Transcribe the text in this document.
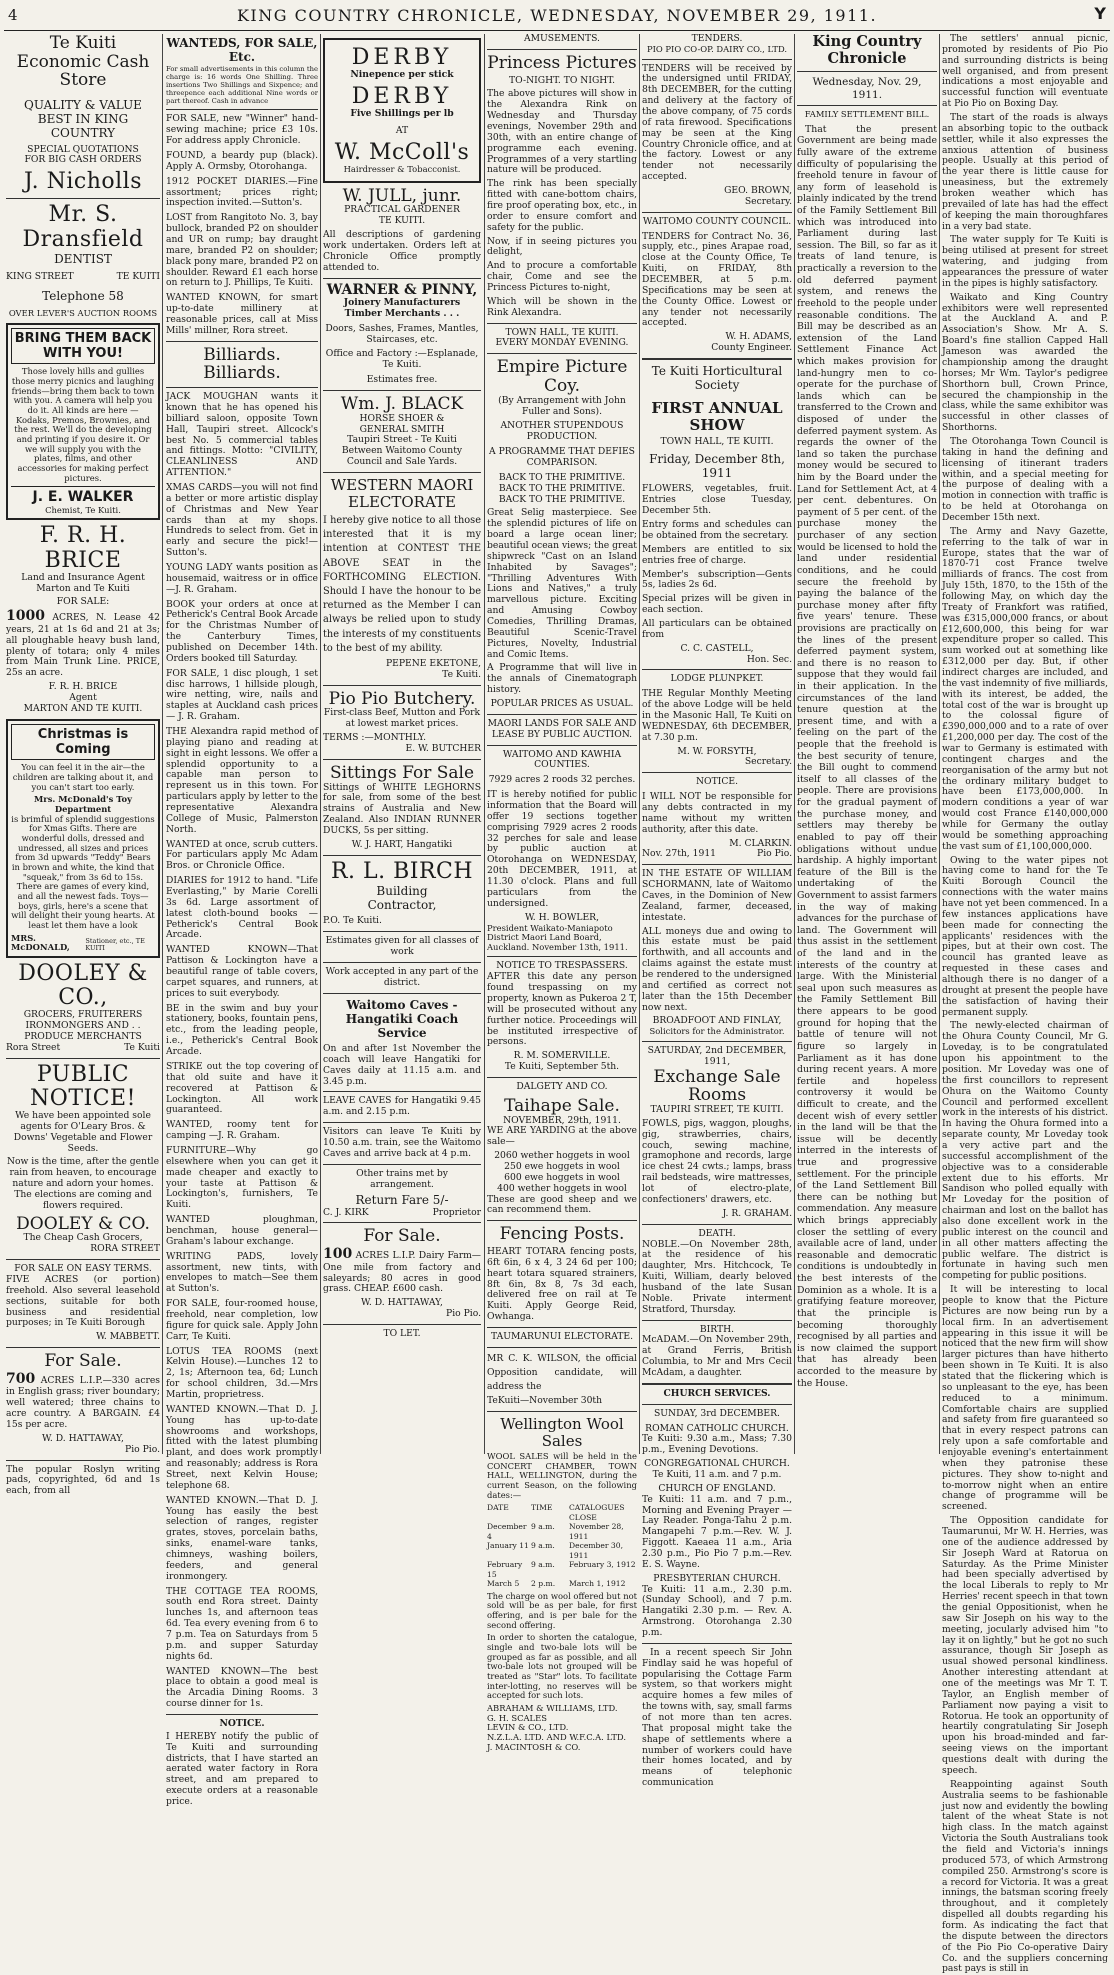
4	KING COUNTRY CHRONICLE, WEDNESDAY, NOVEMBER 29, 1911.	Y
Te Kuiti
Economic Cash Store
QUALITY & VALUE
BEST IN KING COUNTRY
SPECIAL QUOTATIONS
FOR BIG CASH ORDERS
J. Nicholls
Mr. S. Dransfield
DENTIST
KING STREET	TE KUITI
Telephone 58
OVER LEVER'S AUCTION ROOMS
BRING THEM BACK WITH YOU!

Those lovely hills and gullies those merry picnics and laughing friends—bring them back to town with you. A camera will help you do it. All kinds are here — Kodaks, Premos, Brownies, and the rest. We'll do the developing and printing if you desire it. Or we will supply you with the plates, films, and other accessories for making perfect pictures.

J. E. WALKER
Chemist, Te Kuiti.
F. R. H. BRICE
Land and Insurance Agent
Marton and Te Kuiti
FOR SALE:

1000 ACRES, N. Lease 42 years, 21 at 1s 6d and 21 at 3s; all ploughable heavy bush land, plenty of totara; only 4 miles from Main Trunk Line. PRICE, 25s an acre.

F. R. H. BRICE
Agent
MARTON AND TE KUITI.
Christmas is Coming

You can feel it in the air—the children are talking about it, and you can't start too early.

Mrs. McDonald's Toy Department

is brimful of splendid suggestions for Xmas Gifts. There are wonderful dolls, dressed and undressed, all sizes and prices from 3d upwards "Teddy" Bears in brown and white, the kind that "squeak," from 3s 6d to 15s. There are games of every kind, and all the newest fads. Toys—boys, girls, here's a scene that will delight their young hearts. At least let them have a look

MRS. McDONALD,
Stationer, etc., TE KUITI
DOOLEY & CO.,
GROCERS, FRUITERERS
IRONMONGERS AND . .
PRODUCE MERCHANTS
Rora Street	Te Kuiti
PUBLIC NOTICE!

We have been appointed sole agents for O'Leary Bros. & Downs' Vegetable and Flower Seeds.

Now is the time, after the gentle rain from heaven, to encourage nature and adorn your homes. The elections are coming and flowers required.

DOOLEY & CO.
The Cheap Cash Grocers,
RORA STREET
FOR SALE ON EASY TERMS.

FIVE ACRES (or portion) freehold. Also several leasehold sections, suitable for both business and residential purposes; in Te Kuiti Borough

W. MABBETT.
For Sale.

700 ACRES L.I.P.—330 acres in English grass; river boundary; well watered; three chains to acre country. A BARGAIN. £4 15s per acre.

W. D. HATTAWAY,
Pio Pio.

The popular Roslyn writing pads, copyrighted, 6d and 1s each, from all

WANTEDS, FOR SALE, Etc.

For small advertisements in this column the charge is: 16 words One Shilling. Three insertions Two Shillings and Sixpence; and threepence each additional Nine words or part thereof. Cash in advance

FOR SALE, new "Winner" hand-sewing machine; price £3 10s. For address apply Chronicle.

FOUND, a beardy pup (black). Apply A. Ormsby, Otorohanga.

1912 POCKET DIARIES.—Fine assortment; prices right; inspection invited.—Sutton's.

LOST from Rangitoto No. 3, bay bullock, branded P2 on shoulder and UR on rump; bay draught mare, branded P2 on shoulder; black pony mare, branded P2 on shoulder. Reward £1 each horse on return to J. Phillips, Te Kuiti.

WANTED KNOWN, for smart up-to-date millinery at reasonable prices, call at Miss Mills' millner, Rora street.

Billiards. Billiards.

JACK MOUGHAN wants it known that he has opened his billiard saloon, opposite Town Hall, Taupiri street. Allcock's best No. 5 commercial tables and fittings. Motto: "CIVILITY, CLEANLINESS AND ATTENTION."

XMAS CARDS—you will not find a better or more artistic display of Christmas and New Year cards than at my shops. Hundreds to select from. Get in early and secure the pick!—Sutton's.

YOUNG LADY wants position as housemaid, waitress or in office —J. R. Graham.

BOOK your orders at once at Petherick's Central Book Arcade for the Christmas Number of the Canterbury Times, published on December 14th. Orders booked till Saturday.

FOR SALE, 1 disc plough, 1 set disc harrows, 1 hillside plough, wire netting, wire, nails and staples at Auckland cash prices — J. R. Graham.

THE Alexandra rapid method of playing piano and reading at sight in eight lessons. We offer a splendid opportunity to a capable man person to represent us in this town. For particulars apply by letter to the representative Alexandra College of Music, Palmerston North.

WANTED at once, scrub cutters. For particulars apply Mc Adam Bros. or Chronicle Office.

DIARIES for 1912 to hand. "Life Everlasting," by Marie Corelli 3s 6d. Large assortment of latest cloth-bound books — Petherick's Central Book Arcade.

WANTED KNOWN—That Pattison & Lockington have a beautiful range of table covers, carpet squares, and runners, at prices to suit everybody.

BE in the swim and buy your stationery, books, fountain pens, etc., from the leading people, i.e., Petherick's Central Book Arcade.

STRIKE out the top covering of that old suite and have it recovered at Pattison & Lockington. All work guaranteed.

WANTED, roomy tent for camping —J. R. Graham.

FURNITURE—Why go elsewhere when you can get it made cheaper and exactly to your taste at Pattison & Lockington's, furnishers, Te Kuiti.

WANTED ploughman, benchman, house general—Graham's labour exchange.

WRITING PADS, lovely assortment, new tints, with envelopes to match—See them at Sutton's.

FOR SALE, four-roomed house, freehold, near completion, low figure for quick sale. Apply John Carr, Te Kuiti.

LOTUS TEA ROOMS (next Kelvin House).—Lunches 12 to 2, 1s; Afternoon tea, 6d; Lunch for school children, 3d.—Mrs Martin, proprietress.

WANTED KNOWN.—That D. J. Young has up-to-date showrooms and workshops, fitted with the latest plumbing plant, and does work promptly and reasonably; address is Rora Street, next Kelvin House; telephone 68.

WANTED KNOWN.—That D. J. Young has easily the best selection of ranges, register grates, stoves, porcelain baths, sinks, enamel-ware tanks, chimneys, washing boilers, feeders, and general ironmongery.

THE COTTAGE TEA ROOMS, south end Rora street. Dainty lunches 1s, and afternoon teas 6d. Tea every evening from 6 to 7 p.m. Tea on Saturdays from 5 p.m. and supper Saturday nights 6d.

WANTED KNOWN—The best place to obtain a good meal is the Arcadia Dining Rooms. 3 course dinner for 1s.

NOTICE.

I HEREBY notify the public of Te Kuiti and surrounding districts, that I have started an aerated water factory in Rora street, and am prepared to execute orders at a reasonable price.

DERBY
Ninepence per stick
DERBY
Five Shillings per lb
AT
W. McColl's
Hairdresser & Tobacconist.
W. JULL, junr.
PRACTICAL GARDENER
TE KUITI.

All descriptions of gardening work undertaken. Orders left at Chronicle Office promptly attended to.

WARNER & PINNY,
Joinery Manufacturers
Timber Merchants . . .
Doors, Sashes, Frames, Mantles, Staircases, etc.
Office and Factory :—Esplanade, Te Kuiti.
Estimates free.
Wm. J. BLACK
HORSE SHOER &
GENERAL SMITH
Taupiri Street - Te Kuiti
Between Waitomo County Council and Sale Yards.
WESTERN MAORI ELECTORATE

I hereby give notice to all those interested that it is my intention at CONTEST THE ABOVE SEAT in the FORTHCOMING ELECTION. Should I have the honour to be returned as the Member I can always be relied upon to study the interests of my constituents to the best of my ability.

PEPENE EKETONE,
Te Kuiti.
Pio Pio Butchery.

First-class Beef, Mutton and Pork at lowest market prices.

TERMS :—MONTHLY.
E. W. BUTCHER
Sittings For Sale

Sittings of WHITE LEGHORNS for sale, from some of the best strains of Australia and New Zealand. Also INDIAN RUNNER DUCKS, 5s per sitting.

W. J. HART, Hangatiki
R. L. BIRCH
Building
Contractor,
P.O. Te Kuiti.
Estimates given for all classes of work
Work accepted in any part of the district.
Waitomo Caves - Hangatiki Coach Service

On and after 1st November the coach will leave Hangatiki for Caves daily at 11.15 a.m. and 3.45 p.m.

LEAVE CAVES for Hangatiki 9.45 a.m. and 2.15 p.m.

Visitors can leave Te Kuiti by 10.50 a.m. train, see the Waitomo Caves and arrive back at 4 p.m.

Other trains met by arrangement.

Return Fare 5/-
C. J. KIRK	Proprietor
For Sale.

100 ACRES L.I.P. Dairy Farm—One mile from factory and saleyards; 80 acres in good grass. CHEAP. £600 cash.

W. D. HATTAWAY,
Pio Pio.
TO LET.
AMUSEMENTS.
Princess Pictures
TO-NIGHT. TO NIGHT.

The above pictures will show in the Alexandra Rink on Wednesday and Thursday evenings, November 29th and 30th, with an entire change of programme each evening. Programmes of a very startling nature will be produced.

The rink has been specially fitted with cane-bottom chairs, fire proof operating box, etc., in order to ensure comfort and safety for the public.

Now, if in seeing pictures you delight,

And to procure a comfortable chair, Come and see the Princess Pictures to-night,

Which will be shown in the Rink Alexandra.

TOWN HALL, TE KUITI.
EVERY MONDAY EVENING.
Empire Picture Coy.
(By Arrangement with John Fuller and Sons).
ANOTHER STUPENDOUS PRODUCTION.
A PROGRAMME THAT DEFIES COMPARISON.
BACK TO THE PRIMITIVE.
BACK TO THE PRIMITIVE.
BACK TO THE PRIMITIVE.

Great Selig masterpiece. See the splendid pictures of life on board a large ocean liner; beautiful ocean views; the great shipwreck "Cast on an Island Inhabited by Savages"; "Thrilling Adventures With Lions and Natives," a truly marvellous picture. Exciting and Amusing Cowboy Comedies, Thrilling Dramas, Beautiful Scenic-Travel Pictures, Novelty, Industrial and Comic Items.

A Programme that will live in the annals of Cinematograph history.

POPULAR PRICES AS USUAL.
MAORI LANDS FOR SALE AND LEASE BY PUBLIC AUCTION.
WAITOMO AND KAWHIA COUNTIES.
7929 acres 2 roods 32 perches.

IT is hereby notified for public information that the Board will offer 19 sections together comprising 7929 acres 2 roods 32 perches for sale and lease by public auction at Otorohanga on WEDNESDAY, 20th DECEMBER, 1911, at 11.30 o'clock. Plans and full particulars from the undersigned.

W. H. BOWLER,

President Waikato-Maniapoto District Maori Land Board, Auckland. November 13th, 1911.

NOTICE TO TRESPASSERS.

AFTER this date any person found trespassing on my property, known as Pukeroa 2 T, will be prosecuted without any further notice. Proceedings will be instituted irrespective of persons.

R. M. SOMERVILLE.
Te Kuiti, September 5th.
DALGETY AND CO.
Taihape Sale.
NOVEMBER, 29th, 1911.

WE ARE YARDING at the above sale—

2060 wether hoggets in wool
250 ewe hoggets in wool
600 ewe hoggets in wool
400 wether hoggets in wool

These are good sheep and we can recommend them.

Fencing Posts.

HEART TOTARA fencing posts, 6ft 6in, 6 x 4, 3 24 6d per 100; heart totara squared strainers, 8ft 6in, 8x 8, 7s 3d each, delivered free on rail at Te Kuiti. Apply George Reid, Owhanga.

TAUMARUNUI ELECTORATE.

MR C. K. WILSON, the official Opposition candidate, will address the

TeKuiti—November 30th
Wellington Wool Sales

WOOL SALES will be held in the CONCERT CHAMBER, TOWN HALL, WELLINGTON, during the current Season, on the following dates:—

DATE	TIME	CATALOGUES CLOSE
December 4
9 a.m.	November 28, 1911
January 11 9 a.m.	December 30, 1911
February 15
9 a.m.	February 3, 1912
March 5	2 p.m.	March 1, 1912

The charge on wool offered but not sold will be as per bale, for first offering, and is per bale for the second offering.

In order to shorten the catalogue, single and two-bale lots will be grouped as far as possible, and all two-bale lots not grouped will be treated as "Star" lots. To facilitate inter-lotting, no reserves will be accepted for such lots.

ABRAHAM & WILLIAMS, LTD.
G. H. SCALES
LEVIN & CO., LTD.
N.Z.L.A. LTD. AND W.F.C.A. LTD.
J. MACINTOSH & CO.
TENDERS.
PIO PIO CO-OP. DAIRY CO., LTD.

TENDERS will be received by the undersigned until FRIDAY, 8th DECEMBER, for the cutting and delivery at the factory of the above company, of 75 cords of rata firewood. Specifications may be seen at the King Country Chronicle office, and at the factory. Lowest or any tender not necessarily accepted.

GEO. BROWN,
Secretary.
WAITOMO COUNTY COUNCIL.

TENDERS for Contract No. 36, supply, etc., pines Arapae road, close at the County Office, Te Kuiti, on FRIDAY, 8th DECEMBER, at 5 p.m. Specifications may be seen at the County Office. Lowest or any tender not necessarily accepted.

W. H. ADAMS,
County Engineer.
Te Kuiti Horticultural
Society
FIRST ANNUAL SHOW
TOWN HALL, TE KUITI.
Friday, December 8th, 1911

FLOWERS, vegetables, fruit. Entries close Tuesday, December 5th.

Entry forms and schedules can be obtained from the secretary.

Members are entitled to six entries free of charge.

Member's subscription—Gents 5s, ladies 2s 6d.

Special prizes will be given in each section.

All particulars can be obtained from

C. C. CASTELL,
Hon. Sec.
LODGE PLUNPKET.

THE Regular Monthly Meeting of the above Lodge will be held in the Masonic Hall, Te Kuiti on WEDNESDAY, 6th DECEMBER, at 7.30 p.m.

M. W. FORSYTH,
Secretary.
NOTICE.

I WILL NOT be responsible for any debts contracted in my name without my written authority, after this date.

M. CLARKIN.
Nov. 27th, 1911	Pio Pio.

IN THE ESTATE OF WILLIAM SCHORMANN, late of Waitomo Caves, in the Dominion of New Zealand, farmer, deceased, intestate.

ALL moneys due and owing to this estate must be paid forthwith, and all accounts and claims against the estate must be rendered to the undersigned and certified as correct not later than the 15th December now next.

BROADFOOT AND FINLAY,
Solicitors for the Administrator.
SATURDAY, 2nd DECEMBER, 1911,
Exchange Sale Rooms
TAUPIRI STREET, TE KUITI.

FOWLS, pigs, waggon, ploughs, gig, strawberries, chairs, couch, sewing machine, gramophone and records, large ice chest 24 cwts.; lamps, brass rail bedsteads, wire mattresses, lot of electro-plate, confectioners' drawers, etc.

J. R. GRAHAM.
DEATH.

NOBLE.—On November 28th, at the residence of his daughter, Mrs. Hitchcock, Te Kuiti, William, dearly beloved husband of the late Susan Noble. Private interment Stratford, Thursday.

BIRTH.

McADAM.—On November 29th, at Grand Ferris, British Columbia, to Mr and Mrs Cecil McAdam, a daughter.

CHURCH SERVICES.
SUNDAY, 3rd DECEMBER.
ROMAN CATHOLIC CHURCH.

Te Kuiti: 9.30 a.m., Mass; 7.30 p.m., Evening Devotions.

CONGREGATIONAL CHURCH.

Te Kuiti, 11 a.m. and 7 p.m.

CHURCH OF ENGLAND.

Te Kuiti: 11 a.m. and 7 p.m., Morning and Evening Prayer — Lay Reader. Ponga-Tahu 2 p.m. Mangapehi 7 p.m.—Rev. W. J. Figgott. Kaeaea 11 a.m., Aria 2.30 p.m., Pio Pio 7 p.m.—Rev. E. S. Wayne.

PRESBYTERIAN CHURCH.

Te Kuiti: 11 a.m., 2.30 p.m. (Sunday School), and 7 p.m. Hangatiki 2.30 p.m. — Rev. A. Armstrong. Otorohanga 2.30 p.m.

In a recent speech Sir John Findlay said he was hopeful of popularising the Cottage Farm system, so that workers might acquire homes a few miles of the towns with, say, small farms of not more than ten acres. That proposal might take the shape of settlements where a number of workers could have their homes located, and by means of telephonic communication

King Country Chronicle
Wednesday, Nov. 29, 1911.
FAMILY SETTLEMENT BILL.

That the present Government are being made fully aware of the extreme difficulty of popularising the freehold tenure in favour of any form of leasehold is plainly indicated by the trend of the Family Settlement Bill which was introduced into Parliament during last session. The Bill, so far as it treats of land tenure, is practically a reversion to the old deferred payment system, and renews the freehold to the people under reasonable conditions. The Bill may be described as an extension of the Land Settlement Finance Act which makes provision for land-hungry men to co-operate for the purchase of lands which can be transferred to the Crown and disposed of under the deferred payment system. As regards the owner of the land so taken the purchase money would be secured to him by the Board under the Land for Settlement Act, at 4 per cent. debentures. On payment of 5 per cent. of the purchase money the purchaser of any section would be licensed to hold the land under residential conditions, and he could secure the freehold by paying the balance of the purchase money after fifty five years' tenure. These provisions are practically on the lines of the present deferred payment system, and there is no reason to suppose that they would fail in their application. In the circumstances of the land tenure question at the present time, and with a feeling on the part of the people that the freehold is the best security of tenure, the Bill ought to commend itself to all classes of the people. There are provisions for the gradual payment of the purchase money, and settlers may thereby be enabled to pay off their obligations without undue hardship. A highly important feature of the Bill is the undertaking of the Government to assist farmers in the way of making advances for the purchase of land. The Government will thus assist in the settlement of the land and in the interests of the country at large. With the Ministerial seal upon such measures as the Family Settlement Bill there appears to be good ground for hoping that the battle of tenure will not figure so largely in Parliament as it has done during recent years. A more fertile and hopeless controversy it would be difficult to create, and the decent wish of every settler in the land will be that the issue will be decently interred in the interests of true and progressive settlement. For the principle of the Land Settlement Bill there can be nothing but commendation. Any measure which brings appreciably closer the settling of every available acre of land, under reasonable and democratic conditions is undoubtedly in the best interests of the Dominion as a whole. It is a gratifying feature moreover, that the principle is becoming thoroughly recognised by all parties and is now claimed the support that has already been accorded to the measure by the House.

The settlers' annual picnic, promoted by residents of Pio Pio and surrounding districts is being well organised, and from present indications a most enjoyable and successful function will eventuate at Pio Pio on Boxing Day.

The start of the roads is always an absorbing topic to the outback settler, while it also expresses the anxious attention of business people. Usually at this period of the year there is little cause for uneasiness, but the extremely broken weather which has prevailed of late has had the effect of keeping the main thoroughfares in a very bad state.

The water supply for Te Kuiti is being utilised at present for street watering, and judging from appearances the pressure of water in the pipes is highly satisfactory.

Waikato and King Country exhibitors were well represented at the Auckland A. and P. Association's Show. Mr A. S. Board's fine stallion Capped Hall Jameson was awarded the championship among the draught horses; Mr Wm. Taylor's pedigree Shorthorn bull, Crown Prince, secured the championship in the class, while the same exhibitor was successful in other classes of Shorthorns.

The Otorohanga Town Council is taking in hand the defining and licensing of itinerant traders within, and a special meeting for the purpose of dealing with a motion in connection with traffic is to be held at Otorohanga on December 15th next.

The Army and Navy Gazette, referring to the talk of war in Europe, states that the war of 1870-71 cost France twelve milliards of francs. The cost from July 15th, 1870, to the 15th of the following May, on which day the Treaty of Frankfort was ratified, was £315,000,000 francs, or about £12,600,000, this being for war expenditure proper so called. This sum worked out at something like £312,000 per day. But, if other indirect charges are included, and the vast indemnity of five milliards, with its interest, be added, the total cost of the war is brought up to the colossal figure of £390,000,000 and to a rate of over £1,200,000 per day. The cost of the war to Germany is estimated with contingent charges and the reorganisation of the army but not the ordinary military budget to have been £173,000,000. In modern conditions a year of war would cost France £140,000,000 while for Germany the outlay would be something approaching the vast sum of £1,100,000,000.

Owing to the water pipes not having come to hand for the Te Kuiti Borough Council the connections with the water mains have not yet been commenced. In a few instances applications have been made for connecting the applicants' residences with the pipes, but at their own cost. The council has granted leave as requested in these cases and although there is no danger of a drought at present the people have the satisfaction of having their permanent supply.

The newly-elected chairman of the Ohura County Council, Mr G. Loveday, is to be congratulated upon his appointment to the position. Mr Loveday was one of the first councillors to represent Ohura on the Waitomo County Council and performed excellent work in the interests of his district. In having the Ohura formed into a separate county, Mr Loveday took a very active part and the successful accomplishment of the objective was to a considerable extent due to his efforts. Mr Sandison who polled equally with Mr Loveday for the position of chairman and lost on the ballot has also done excellent work in the public interest on the council and in all other matters affecting the public welfare. The district is fortunate in having such men competing for public positions.

It will be interesting to local people to know that the Picture Pictures are now being run by a local firm. In an advertisement appearing in this issue it will be noticed that the new firm will show larger pictures than have hitherto been shown in Te Kuiti. It is also stated that the flickering which is so unpleasant to the eye, has been reduced to a minimum. Comfortable chairs are supplied and safety from fire guaranteed so that in every respect patrons can rely upon a safe comfortable and enjoyable evening's entertainment when they patronise these pictures. They show to-night and to-morrow night when an entire change of programme will be screened.

The Opposition candidate for Taumarunui, Mr W. H. Herries, was one of the audience addressed by Sir Joseph Ward at Ratorua on Saturday. As the Prime Minister had been specially advertised by the local Liberals to reply to Mr Herries' recent speech in that town the genial Oppositionist, when he saw Sir Joseph on his way to the meeting, jocularly advised him "to lay it on lightly," but he got no such assurance, though Sir Joseph as usual showed personal kindliness. Another interesting attendant at one of the meetings was Mr T. T. Taylor, an English member of Parliament now paying a visit to Rotorua. He took an opportunity of heartily congratulating Sir Joseph upon his broad-minded and far-seeing views on the important questions dealt with during the speech.

Reappointing against South Australia seems to be fashionable just now and evidently the bowling talent of the wheat State is not high class. In the match against Victoria the South Australians took the field and Victoria's innings produced 573, of which Armstrong compiled 250. Armstrong's score is a record for Victoria. It was a great innings, the batsman scoring freely throughout, and it completely dispelled all doubts regarding his form. As indicating the fact that the dispute between the directors of the Pio Pio Co-operative Dairy Co. and the suppliers concerning past pays is still in
